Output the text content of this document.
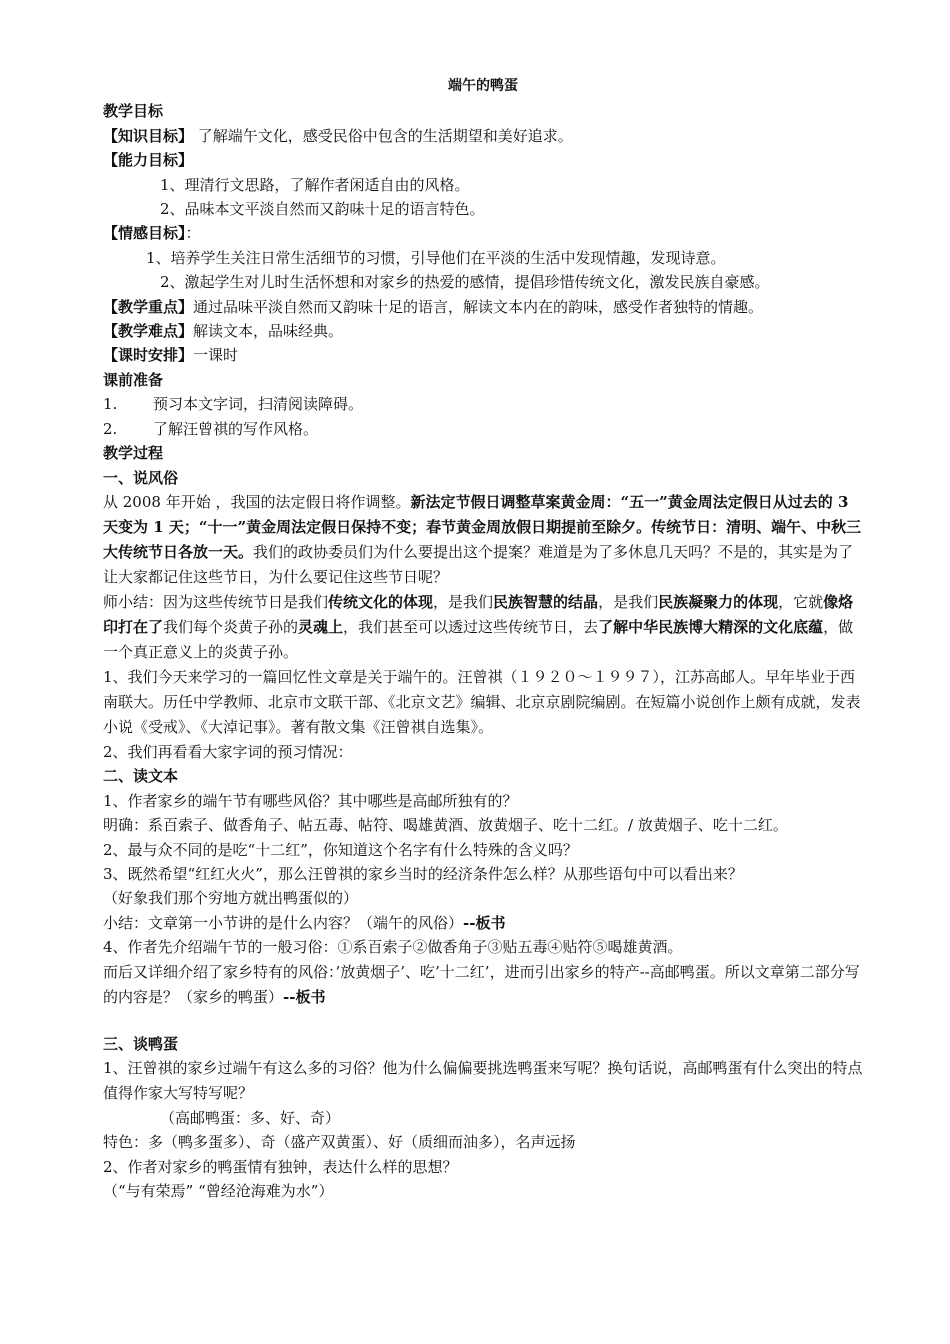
端午的鸭蛋
教学目标
【知识目标】 了解端午文化，感受民俗中包含的生活期望和美好追求。
【能力目标】
1、理清行文思路，了解作者闲适自由的风格。
2、品味本文平淡自然而又韵味十足的语言特色。
【情感目标】：
1、培养学生关注日常生活细节的习惯，引导他们在平淡的生活中发现情趣，发现诗意。
2、激起学生对儿时生活怀想和对家乡的热爱的感情，提倡珍惜传统文化，激发民族自豪感。
【教学重点】通过品味平淡自然而又韵味十足的语言，解读文本内在的韵味，感受作者独特的情趣。
【教学难点】解读文本，品味经典。
【课时安排】一课时
课前准备
1. 预习本文字词，扫清阅读障碍。
2. 了解汪曾祺的写作风格。
教学过程
一、说风俗
从 2008 年开始 ，我国的法定假日将作调整。新法定节假日调整草案黄金周：“五一”黄金周法定假日从过去的 3 天变为 1 天；“十一”黄金周法定假日保持不变；春节黄金周放假日期提前至除夕。传统节日：清明、端午、中秋三大传统节日各放一天。我们的政协委员们为什么要提出这个提案？难道是为了多休息几天吗？不是的，其实是为了让大家都记住这些节日，为什么要记住这些节日呢？
师小结：因为这些传统节日是我们传统文化的体现，是我们民族智慧的结晶，是我们民族凝聚力的体现，它就像烙印打在了我们每个炎黄子孙的灵魂上，我们甚至可以透过这些传统节日，去了解中华民族博大精深的文化底蕴，做一个真正意义上的炎黄子孙。
1、我们今天来学习的一篇回忆性文章是关于端午的。汪曾祺（１９２０～１９９７），江苏高邮人。早年毕业于西南联大。历任中学教师、北京市文联干部、《北京文艺》编辑、北京京剧院编剧。在短篇小说创作上颇有成就，发表小说《受戒》、《大淖记事》。著有散文集《汪曾祺自选集》。
2、我们再看看大家字词的预习情况：
二、读文本
1、作者家乡的端午节有哪些风俗？其中哪些是高邮所独有的？
明确：系百索子、做香角子、帖五毒、帖符、喝雄黄酒、放黄烟子、吃十二红。/ 放黄烟子、吃十二红。
2、最与众不同的是吃“十二红”，你知道这个名字有什么特殊的含义吗？
3、既然希望“红红火火”，那么汪曾祺的家乡当时的经济条件怎么样？从那些语句中可以看出来？
（好象我们那个穷地方就出鸭蛋似的）
小结：文章第一小节讲的是什么内容？（端午的风俗）--板书
4、作者先介绍端午节的一般习俗：①系百索子②做香角子③贴五毒④贴符⑤喝雄黄酒。
而后又详细介绍了家乡特有的风俗：’放黄烟子’、吃’十二红’，进而引出家乡的特产--高邮鸭蛋。所以文章第二部分写的内容是？（家乡的鸭蛋）--板书
三、谈鸭蛋
1、汪曾祺的家乡过端午有这么多的习俗？他为什么偏偏要挑选鸭蛋来写呢？换句话说，高邮鸭蛋有什么突出的特点值得作家大写特写呢？
（高邮鸭蛋：多、好、奇）
特色：多（鸭多蛋多）、奇（盛产双黄蛋）、好（质细而油多），名声远扬
2、作者对家乡的鸭蛋情有独钟，表达什么样的思想？
（“与有荣焉” “曾经沧海难为水”）
